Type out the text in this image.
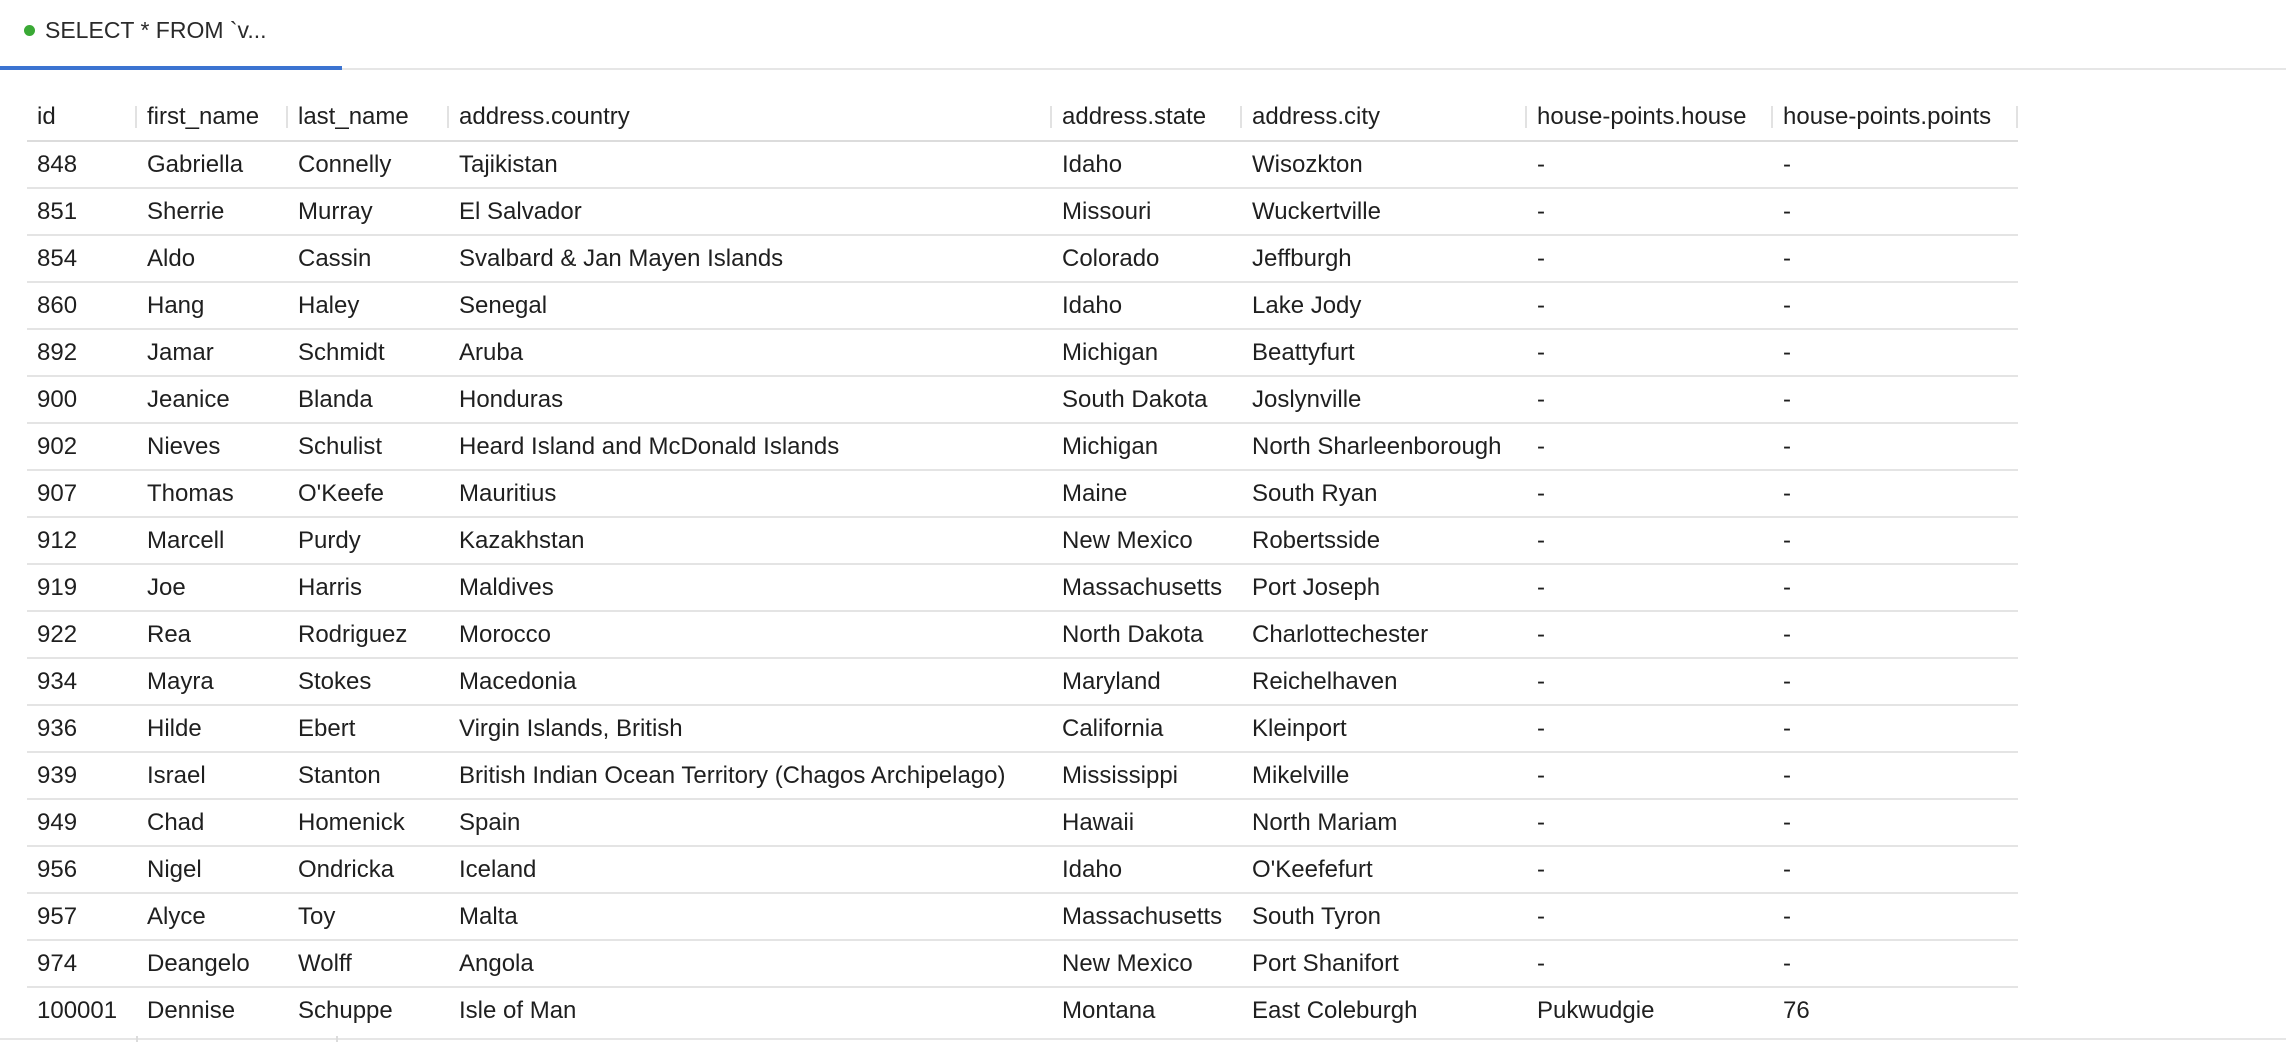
SELECT * FROM `v...
id	first_name	last_name	address.country	address.state	address.city	house-points.house	house-points.points

848	Gabriella	Connelly	Tajikistan	Idaho	Wisozkton	-	-
851	Sherrie	Murray	El Salvador	Missouri	Wuckertville	-	-
854	Aldo	Cassin	Svalbard & Jan Mayen Islands	Colorado	Jeffburgh	-	-
860	Hang	Haley	Senegal	Idaho	Lake Jody	-	-
892	Jamar	Schmidt	Aruba	Michigan	Beattyfurt	-	-
900	Jeanice	Blanda	Honduras	South Dakota	Joslynville	-	-
902	Nieves	Schulist	Heard Island and McDonald Islands	Michigan	North Sharleenborough	-	-
907	Thomas	O'Keefe	Mauritius	Maine	South Ryan	-	-
912	Marcell	Purdy	Kazakhstan	New Mexico	Robertsside	-	-
919	Joe	Harris	Maldives	Massachusetts	Port Joseph	-	-
922	Rea	Rodriguez	Morocco	North Dakota	Charlottechester	-	-
934	Mayra	Stokes	Macedonia	Maryland	Reichelhaven	-	-
936	Hilde	Ebert	Virgin Islands, British	California	Kleinport	-	-
939	Israel	Stanton	British Indian Ocean Territory (Chagos Archipelago)	Mississippi	Mikelville	-	-
949	Chad	Homenick	Spain	Hawaii	North Mariam	-	-
956	Nigel	Ondricka	Iceland	Idaho	O'Keefefurt	-	-
957	Alyce	Toy	Malta	Massachusetts	South Tyron	-	-
974	Deangelo	Wolff	Angola	New Mexico	Port Shanifort	-	-
100001	Dennise	Schuppe	Isle of Man	Montana	East Coleburgh	Pukwudgie	76
